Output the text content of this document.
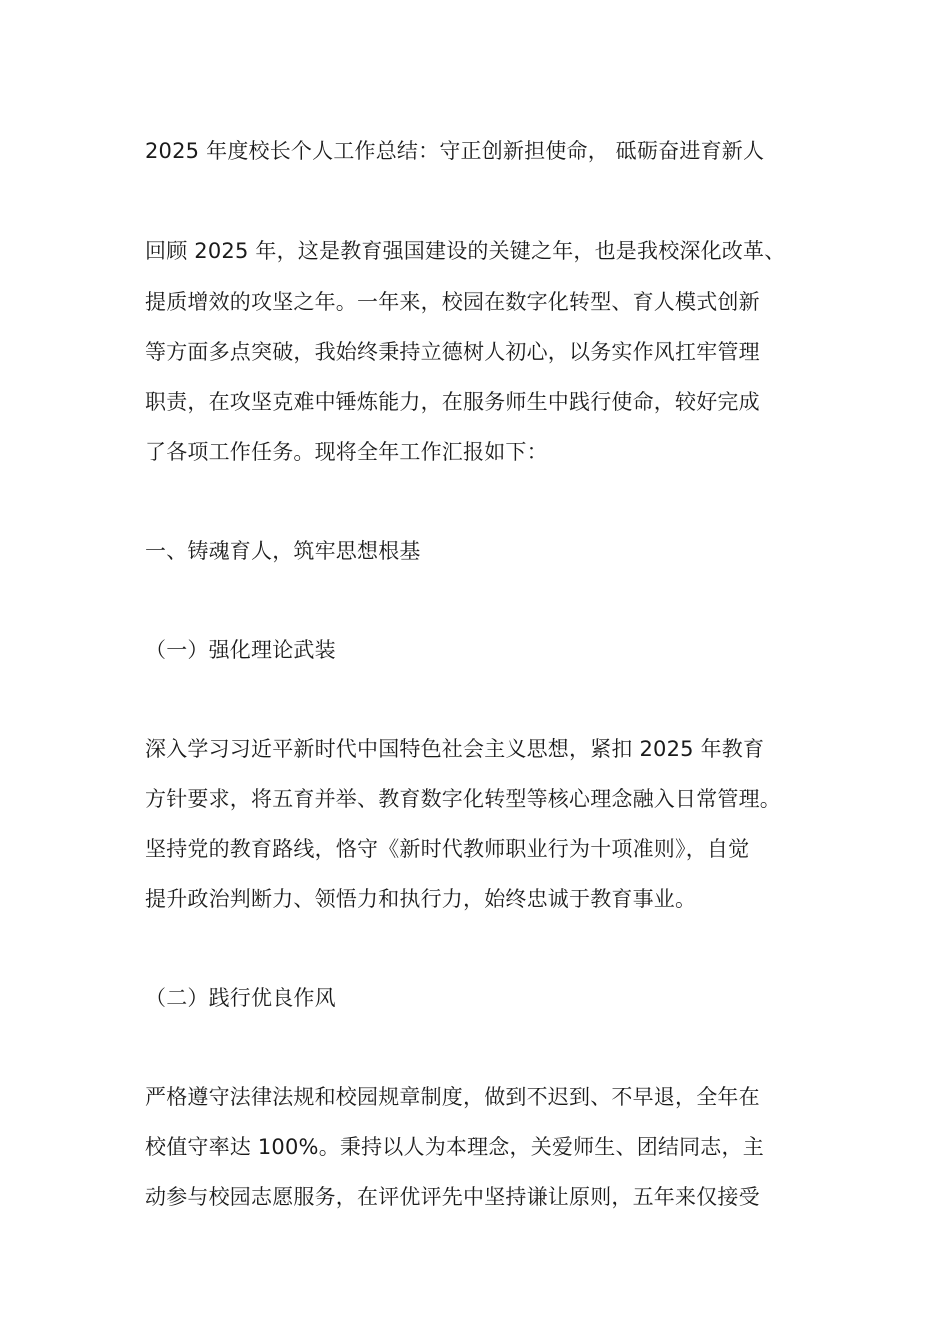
2025 年度校长个人工作总结：守正创新担使命， 砥砺奋进育新人
回顾 2025 年，这是教育强国建设的关键之年，也是我校深化改革、
提质增效的攻坚之年。一年来，校园在数字化转型、育人模式创新
等方面多点突破，我始终秉持立德树人初心，以务实作风扛牢管理
职责，在攻坚克难中锤炼能力，在服务师生中践行使命，较好完成
了各项工作任务。现将全年工作汇报如下：
一、铸魂育人，筑牢思想根基
（一）强化理论武装
深入学习习近平新时代中国特色社会主义思想，紧扣 2025 年教育
方针要求，将五育并举、教育数字化转型等核心理念融入日常管理。
坚持党的教育路线，恪守《新时代教师职业行为十项准则》，自觉
提升政治判断力、领悟力和执行力，始终忠诚于教育事业。
（二）践行优良作风
严格遵守法律法规和校园规章制度，做到不迟到、不早退，全年在
校值守率达 100%。秉持以人为本理念，关爱师生、团结同志，主
动参与校园志愿服务，在评优评先中坚持谦让原则，五年来仅接受
